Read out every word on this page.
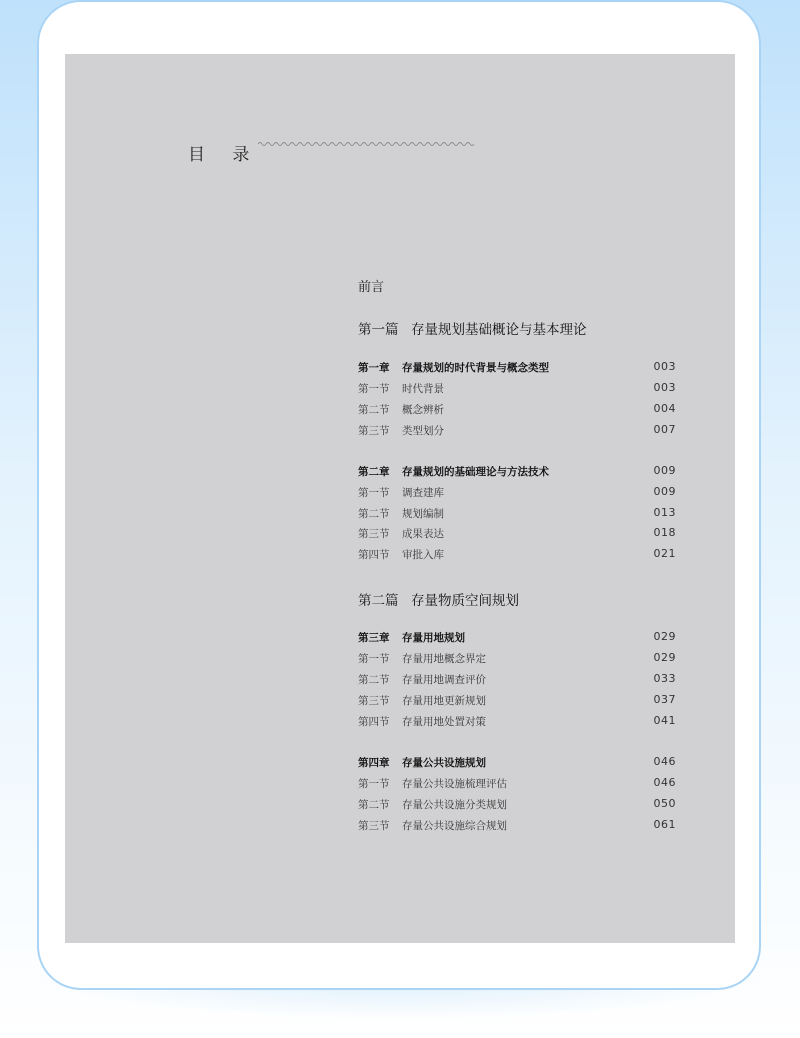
目 录
前言
第一篇 存量规划基础概论与基本理论
第一章 存量规划的时代背景与概念类型	003
第一节 时代背景	003
第二节 概念辨析	004
第三节 类型划分	007
第二章 存量规划的基础理论与方法技术	009
第一节 调查建库	009
第二节 规划编制	013
第三节 成果表达	018
第四节 审批入库	021
第二篇 存量物质空间规划
第三章 存量用地规划	029
第一节 存量用地概念界定	029
第二节 存量用地调查评价	033
第三节 存量用地更新规划	037
第四节 存量用地处置对策	041
第四章 存量公共设施规划	046
第一节 存量公共设施梳理评估	046
第二节 存量公共设施分类规划	050
第三节 存量公共设施综合规划	061
